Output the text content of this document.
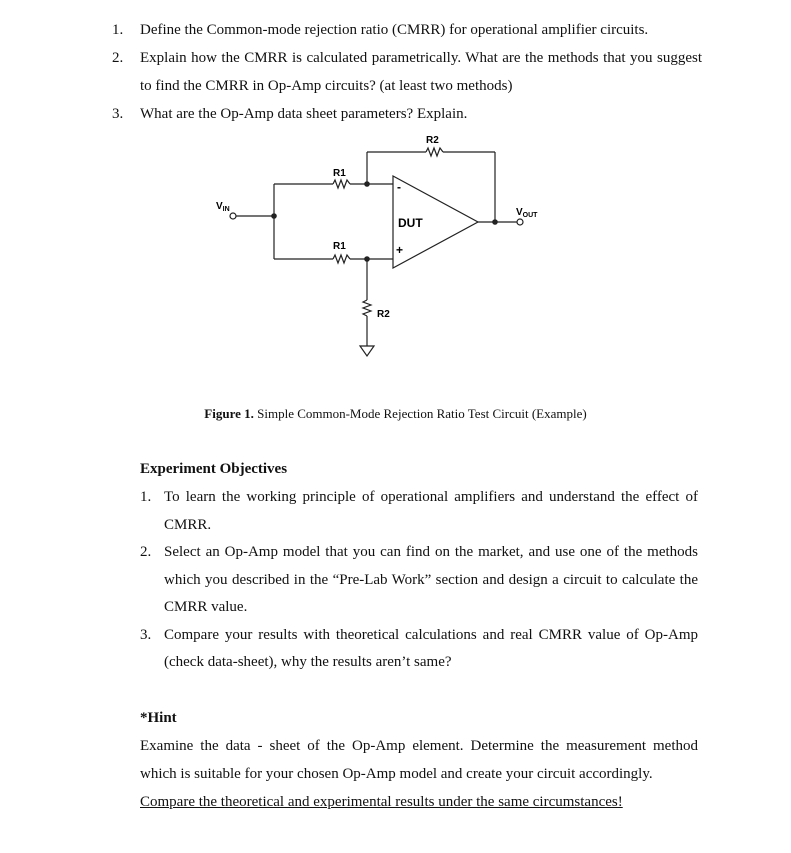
1. Define the Common-mode rejection ratio (CMRR) for operational amplifier circuits.
2. Explain how the CMRR is calculated parametrically. What are the methods that you suggest to find the CMRR in Op-Amp circuits? (at least two methods)
3. What are the Op-Amp data sheet parameters? Explain.
$V_{IN}$	$V_{OUT}$
R1
R1
R2
R2
DUT
-
+
Figure 1. Simple Common-Mode Rejection Ratio Test Circuit (Example)
Experiment Objectives
1. To learn the working principle of operational amplifiers and understand the effect of CMRR.
2. Select an Op-Amp model that you can find on the market, and use one of the methods which you described in the “Pre-Lab Work” section and design a circuit to calculate the CMRR value.
3. Compare your results with theoretical calculations and real CMRR value of Op-Amp (check data-sheet), why the results aren’t same?
*Hint
Examine the data - sheet of the Op-Amp element. Determine the measurement method which is suitable for your chosen Op-Amp model and create your circuit accordingly.
Compare the theoretical and experimental results under the same circumstances!
